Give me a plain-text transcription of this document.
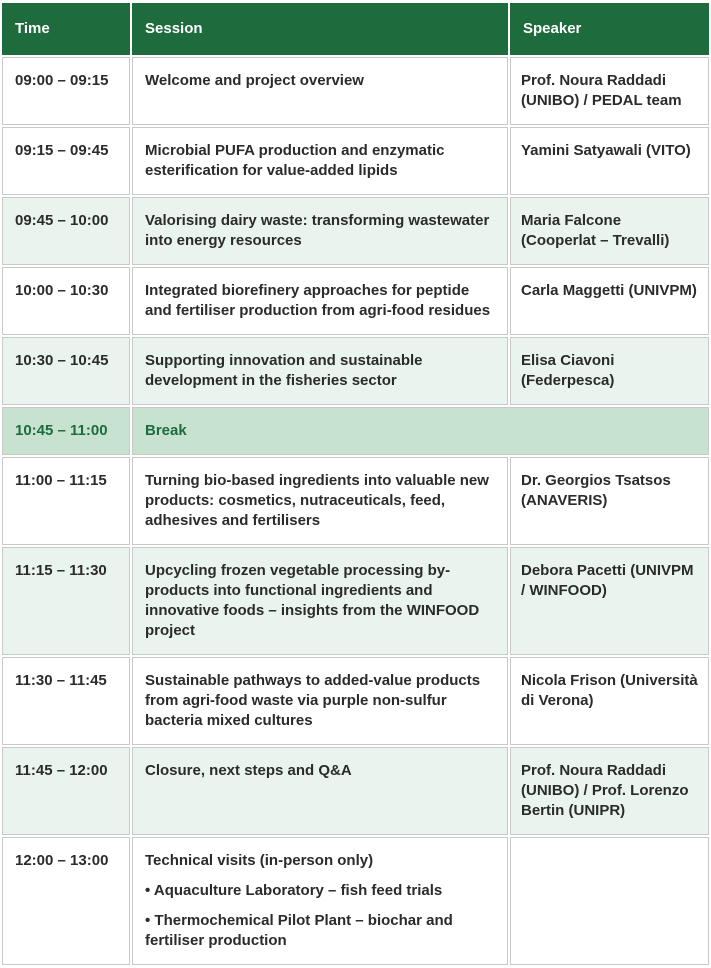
Time	Session	Speaker
09:00 – 09:15	Welcome and project overview	Prof. Noura Raddadi (UNIBO) / PEDAL team
09:15 – 09:45	Microbial PUFA production and enzymatic esterification for value-added lipids	Yamini Satyawali (VITO)
09:45 – 10:00	Valorising dairy waste: transforming wastewater into energy resources	Maria Falcone (Cooperlat – Trevalli)
10:00 – 10:30	Integrated biorefinery approaches for peptide and fertiliser production from agri-food residues	Carla Maggetti (UNIVPM)
10:30 – 10:45	Supporting innovation and sustainable development in the fisheries sector	Elisa Ciavoni (Federpesca)
10:45 – 11:00	Break	
11:00 – 11:15	Turning bio-based ingredients into valuable new products: cosmetics, nutraceuticals, feed, adhesives and fertilisers	Dr. Georgios Tsatsos (ANAVERIS)
11:15 – 11:30	Upcycling frozen vegetable processing by-products into functional ingredients and innovative foods – insights from the WINFOOD project	Debora Pacetti (UNIVPM / WINFOOD)
11:30 – 11:45	Sustainable pathways to added-value products from agri-food waste via purple non-sulfur bacteria mixed cultures	Nicola Frison (Università di Verona)
11:45 – 12:00	Closure, next steps and Q&A	Prof. Noura Raddadi (UNIBO) / Prof. Lorenzo Bertin (UNIPR)
12:00 – 13:00	Technical visits (in-person only)
• Aquaculture Laboratory – fish feed trials
• Thermochemical Pilot Plant – biochar and fertiliser production	
